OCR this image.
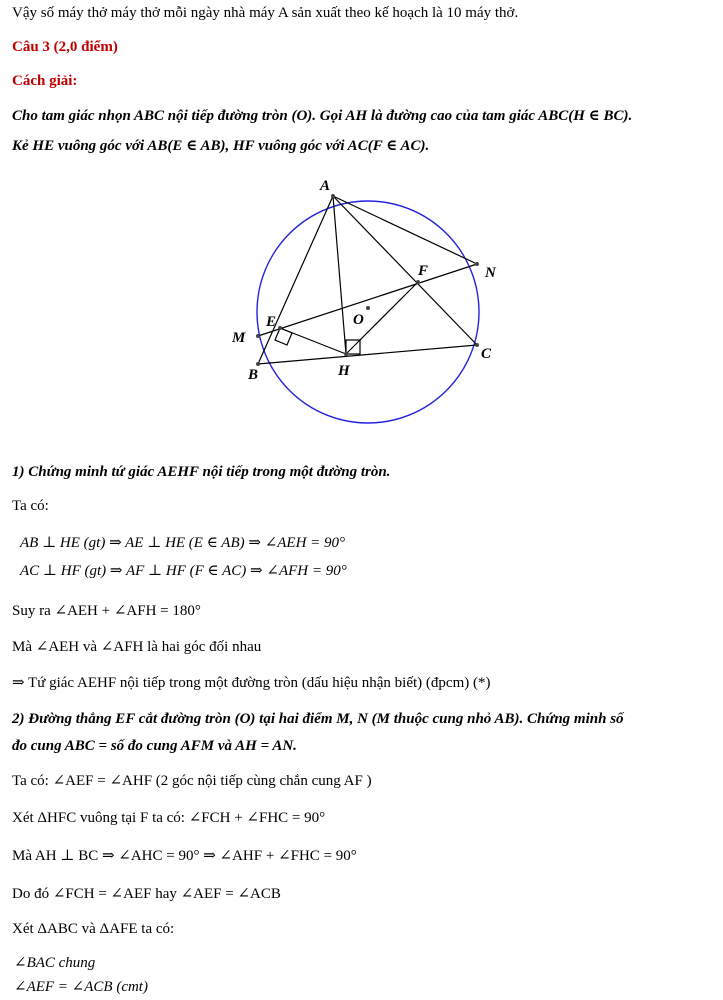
Vậy số máy thở máy thở mỗi ngày nhà máy A sản xuất theo kế hoạch là 10 máy thở.
Câu 3 (2,0 điểm)
Cách giải:
Cho tam giác nhọn ABC nội tiếp đường tròn (O). Gọi AH là đường cao của tam giác ABC(H ∈ BC).
Kẻ HE vuông góc với AB(E ∈ AB), HF vuông góc với AC(F ∈ AC).
A
B
C
E
F
H
M
N
O
1) Chứng minh tứ giác AEHF nội tiếp trong một đường tròn.
Ta có:
AB ⊥ HE (gt) ⇒ AE ⊥ HE (E ∈ AB) ⇒ ∠AEH = 90°
AC ⊥ HF (gt) ⇒ AF ⊥ HF (F ∈ AC) ⇒ ∠AFH = 90°
Suy ra ∠AEH + ∠AFH = 180°
Mà ∠AEH và ∠AFH là hai góc đối nhau
⇒ Tứ giác AEHF nội tiếp trong một đường tròn (dấu hiệu nhận biết) (đpcm) (*)
2) Đường thẳng EF cắt đường tròn (O) tại hai điểm M, N (M thuộc cung nhỏ AB). Chứng minh số
đo cung ABC = số đo cung AFM và AH = AN.
Ta có: ∠AEF = ∠AHF (2 góc nội tiếp cùng chắn cung AF )
Xét ΔHFC vuông tại F ta có: ∠FCH + ∠FHC = 90°
Mà AH ⊥ BC ⇒ ∠AHC = 90° ⇒ ∠AHF + ∠FHC = 90°
Do đó ∠FCH = ∠AEF hay ∠AEF = ∠ACB
Xét ΔABC và ΔAFE ta có:
∠BAC chung
∠AEF = ∠ACB (cmt)
